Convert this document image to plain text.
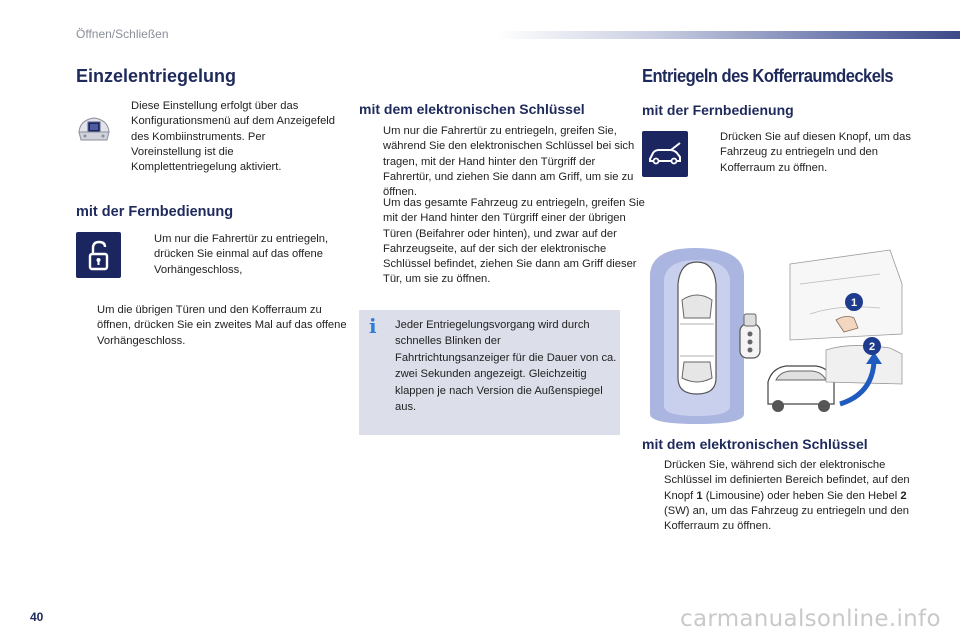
Öffnen/Schließen
Einzelentriegelung
Diese Einstellung erfolgt über das Konfigurationsmenü auf dem Anzeigefeld des Kombiinstruments. Per Voreinstellung ist die Komplettentriegelung aktiviert.
mit der Fernbedienung
Um nur die Fahrertür zu entriegeln, drücken Sie einmal auf das offene Vorhängeschloss,
Um die übrigen Türen und den Kofferraum zu öffnen, drücken Sie ein zweites Mal auf das offene Vorhängeschloss.
mit dem elektronischen Schlüssel
Um nur die Fahrertür zu entriegeln, greifen Sie, während Sie den elektronischen Schlüssel bei sich tragen, mit der Hand hinter den Türgriff der Fahrertür, und ziehen Sie dann am Griff, um sie zu öffnen.
Um das gesamte Fahrzeug zu entriegeln, greifen Sie mit der Hand hinter den Türgriff einer der übrigen Türen (Beifahrer oder hinten), und zwar auf der Fahrzeugseite, auf der sich der elektronische Schlüssel befindet, ziehen Sie dann am Griff dieser Tür, um sie zu öffnen.
i Jeder Entriegelungsvorgang wird durch schnelles Blinken der Fahrtrichtungsanzeiger für die Dauer von ca. zwei Sekunden angezeigt. Gleichzeitig klappen je nach Version die Außenspiegel aus.
Entriegeln des Kofferraumdeckels
mit der Fernbedienung
Drücken Sie auf diesen Knopf, um das Fahrzeug zu entriegeln und den Kofferraum zu öffnen.
1
2
mit dem elektronischen Schlüssel
Drücken Sie, während sich der elektronische Schlüssel im definierten Bereich befindet, auf den Knopf 1 (Limousine) oder heben Sie den Hebel 2 (SW) an, um das Fahrzeug zu entriegeln und den Kofferraum zu öffnen.
40	carmanualsonline.info
